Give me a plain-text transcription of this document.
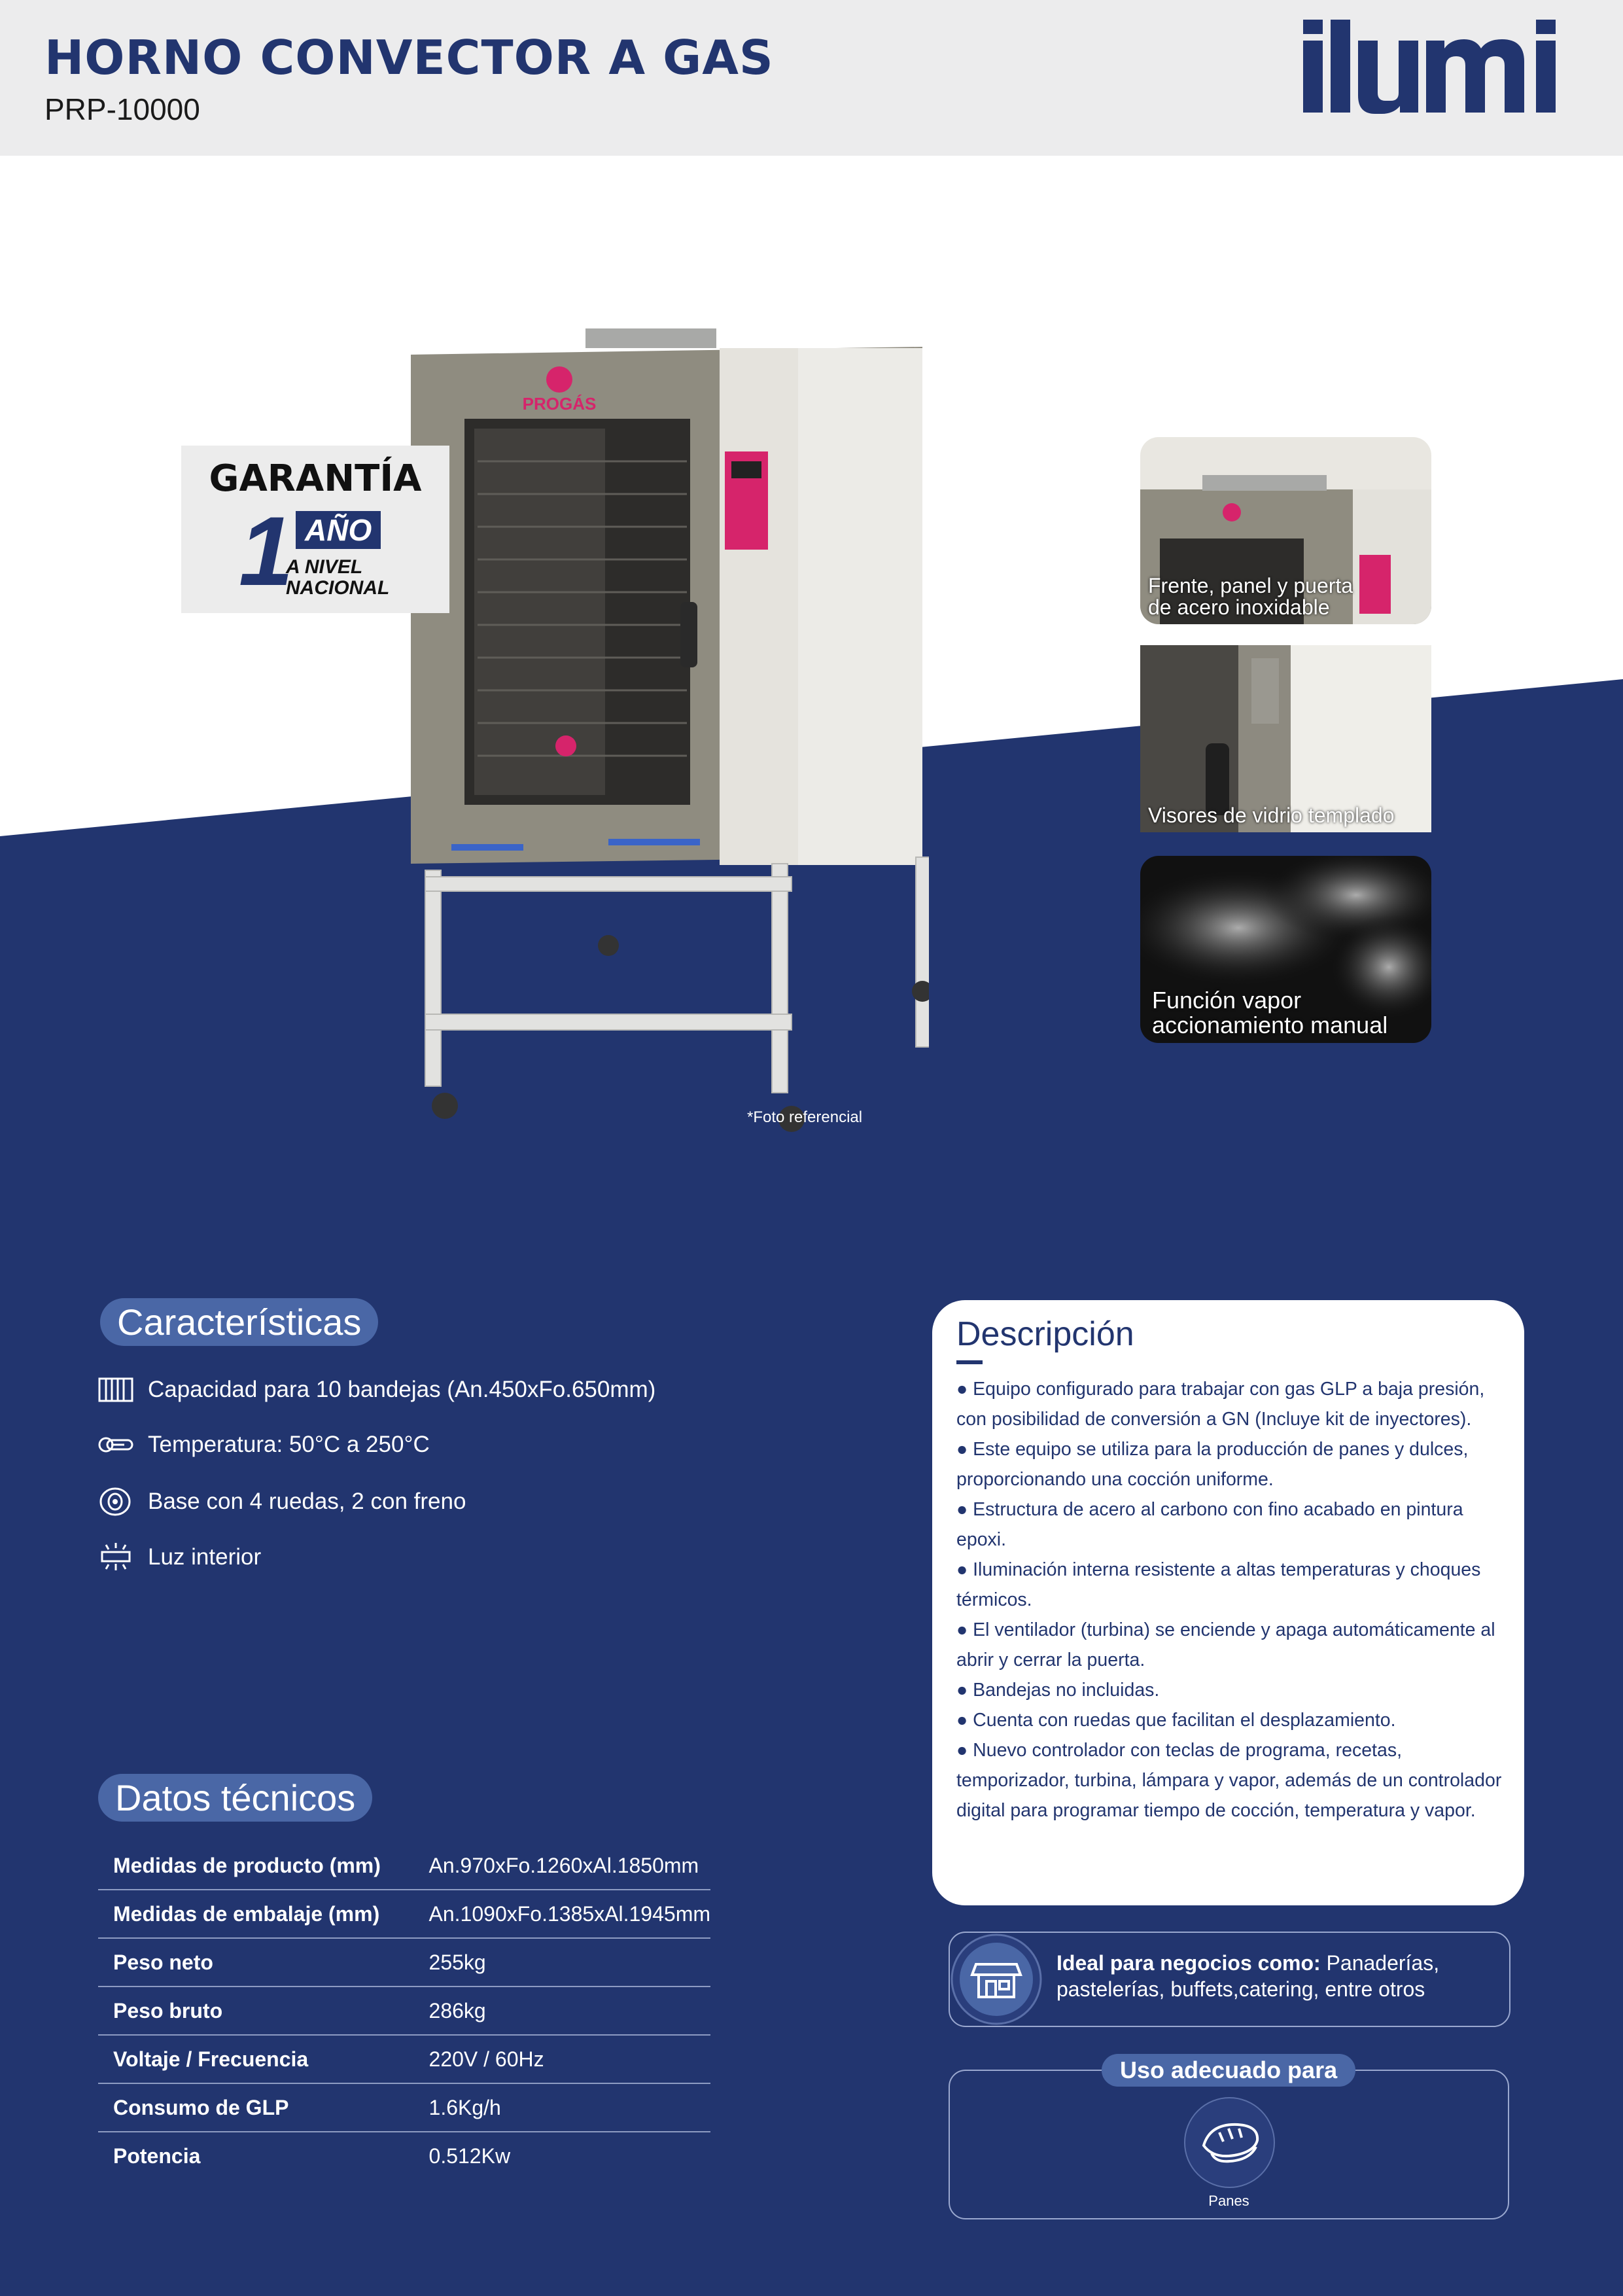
HORNO CONVECTOR A GAS
PRP-10000
PROGÁS
*Foto referencial
GARANTÍA
1 AÑO
A NIVEL
NACIONAL	Frente, panel y puerta
de acero inoxidable
Visores de vidrio templado
Función vapor
accionamiento manual
Características
Capacidad para 10 bandejas (An.450xFo.650mm)
Temperatura: 50°C a 250°C
Base con 4 ruedas, 2 con freno
Luz interior
Datos técnicos
Medidas de producto (mm)	An.970xFo.1260xAl.1850mm
Medidas de embalaje (mm)	An.1090xFo.1385xAl.1945mm
Peso neto	255kg
Peso bruto	286kg
Voltaje / Frecuencia	220V / 60Hz
Consumo de GLP	1.6Kg/h
Potencia	0.512Kw
Descripción
● Equipo configurado para trabajar con gas GLP a baja presión, con posibilidad de conversión a GN (Incluye kit de inyectores).
● Este equipo se utiliza para la producción de panes y dulces, proporcionando una cocción uniforme.
● Estructura de acero al carbono con fino acabado en pintura epoxi.
● Iluminación interna resistente a altas temperaturas y choques térmicos.
● El ventilador (turbina) se enciende y apaga automáticamente al abrir y cerrar la puerta.
● Bandejas no incluidas.
● Cuenta con ruedas que facilitan el desplazamiento.
● Nuevo controlador con teclas de programa, recetas, temporizador, turbina, lámpara y vapor, además de un controlador digital para programar tiempo de cocción, temperatura y vapor.
Ideal para negocios como: Panaderías,
pastelerías, buffets,catering, entre otros
Uso adecuado para
Panes
